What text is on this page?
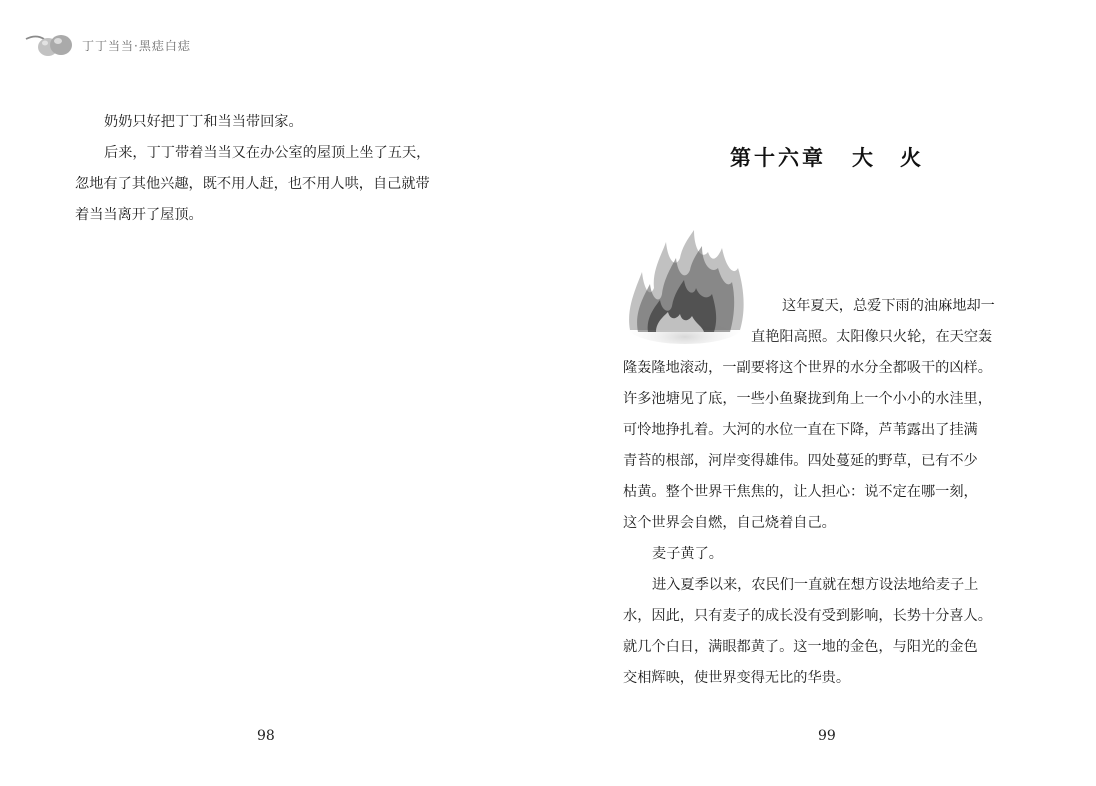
丁丁当当·黑痣白痣

奶奶只好把丁丁和当当带回家。

后来，丁丁带着当当又在办公室的屋顶上坐了五天，

忽地有了其他兴趣，既不用人赶，也不用人哄，自己就带

着当当离开了屋顶。

98
第十六章 大　火

这年夏天，总爱下雨的油麻地却一

直艳阳高照。太阳像只火轮，在天空轰

隆轰隆地滚动，一副要将这个世界的水分全都吸干的凶样。

许多池塘见了底，一些小鱼聚拢到角上一个小小的水洼里，

可怜地挣扎着。大河的水位一直在下降，芦苇露出了挂满

青苔的根部，河岸变得雄伟。四处蔓延的野草，已有不少

枯黄。整个世界干焦焦的，让人担心：说不定在哪一刻，

这个世界会自燃，自己烧着自己。

麦子黄了。

进入夏季以来，农民们一直就在想方设法地给麦子上

水，因此，只有麦子的成长没有受到影响，长势十分喜人。

就几个白日，满眼都黄了。这一地的金色，与阳光的金色

交相辉映，使世界变得无比的华贵。

99
